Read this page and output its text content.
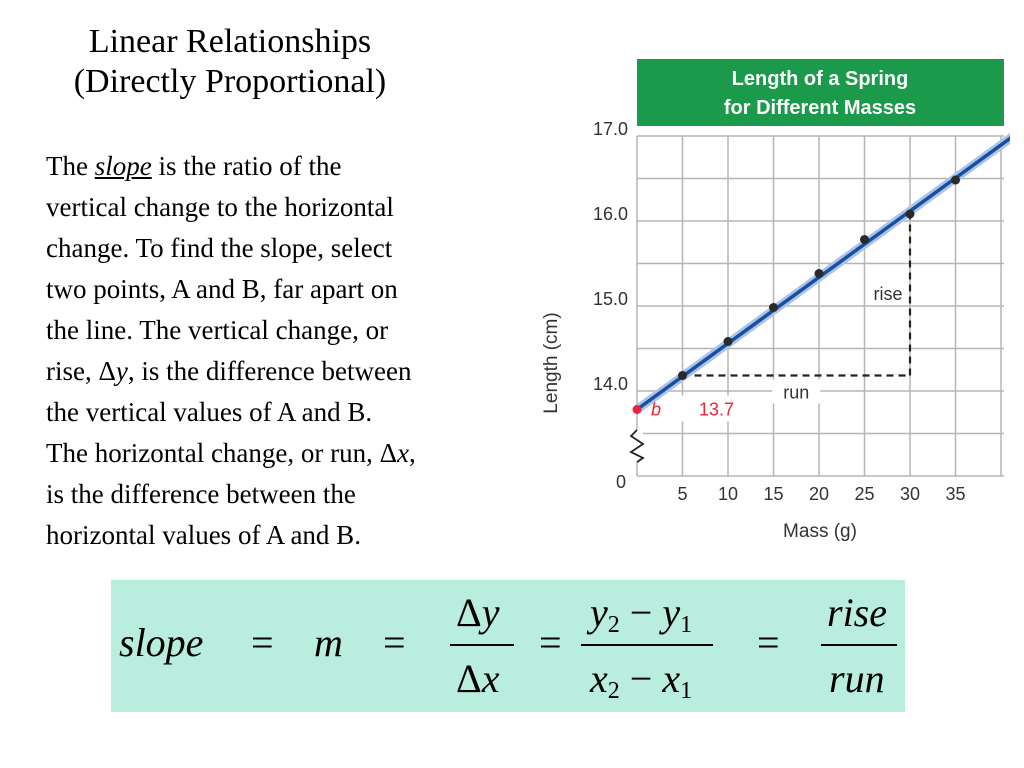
Linear Relationships
(Directly Proportional)
The slope is the ratio of the
vertical change to the horizontal
change. To find the slope, select
two points, A and B, far apart on
the line. The vertical change, or
rise, Δy, is the difference between
the vertical values of A and B.
The horizontal change, or run, Δx,
is the difference between the
horizontal values of A and B.
Length of a Spring
for Different Masses
5 10 15 20 25 30 35
14.0
15.0
16.0
17.0
0
rise
run
b 13.7
Mass (g)
Length (cm)
slope = m =
Δy
Δx
=
$y_2 - y_1$
$x_2 - x_1$
=
rise
run
